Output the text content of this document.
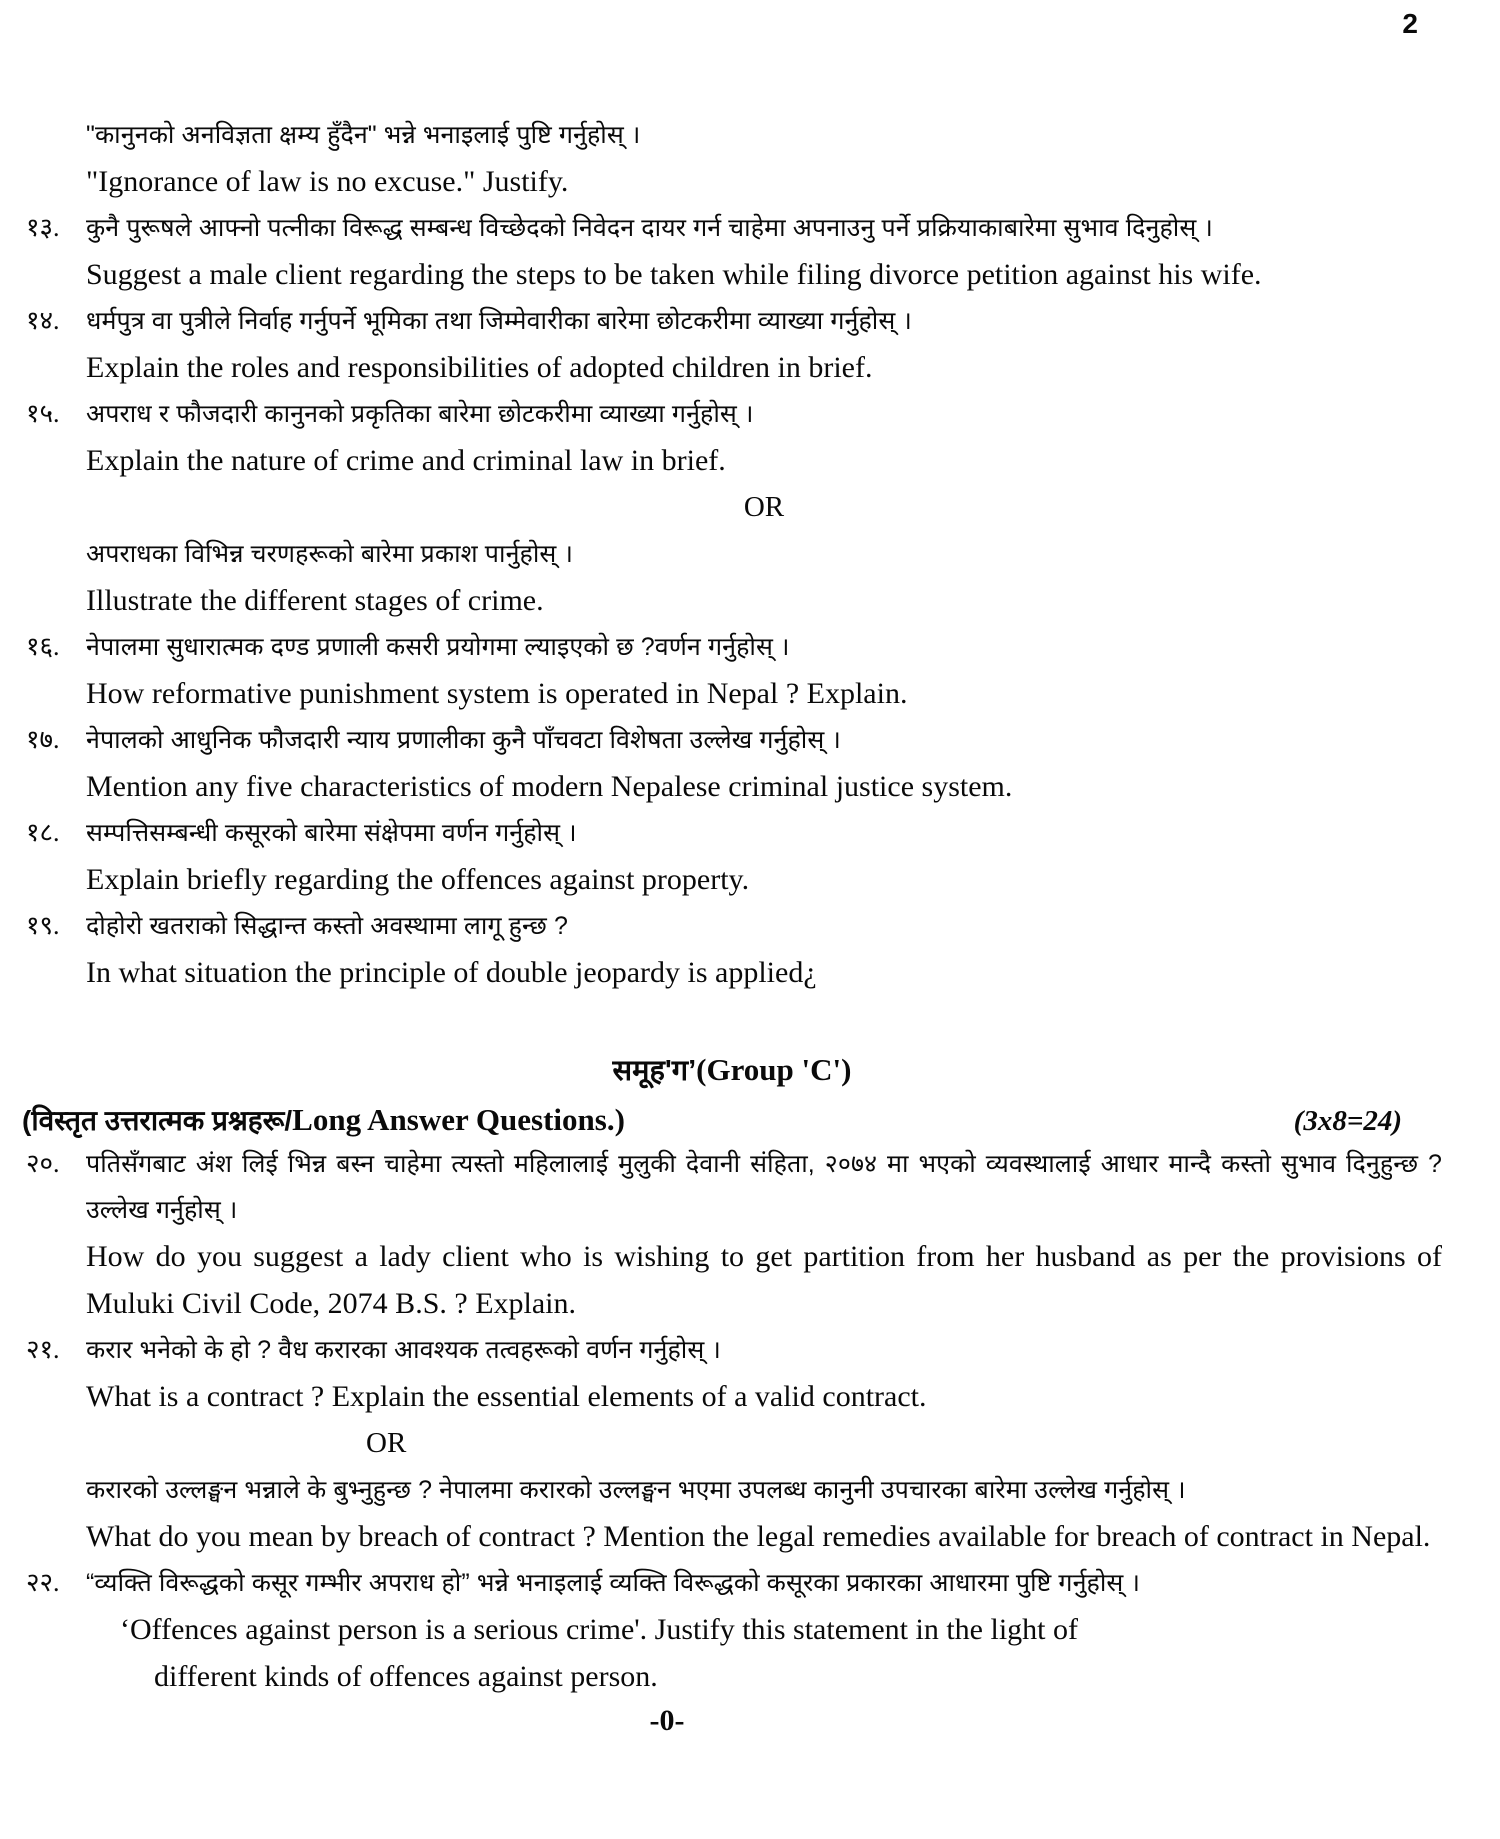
2
"कानुनको अनविज्ञता क्षम्य हुँदैन" भन्ने भनाइलाई पुष्टि गर्नुहोस् ।
"Ignorance of law is no excuse." Justify.
१३.	कुनै पुरूषले आफ्नो पत्नीका विरूद्ध सम्बन्ध विच्छेदको निवेदन दायर गर्न चाहेमा अपनाउनु पर्ने प्रक्रियाकाबारेमा सुभाव दिनुहोस् ।
Suggest a male client regarding the steps to be taken while filing divorce petition against his wife.
१४.	धर्मपुत्र वा पुत्रीले निर्वाह गर्नुपर्ने भूमिका तथा जिम्मेवारीका बारेमा छोटकरीमा व्याख्या गर्नुहोस् ।
Explain the roles and responsibilities of adopted children in brief.
१५.	अपराध र फौजदारी कानुनको प्रकृतिका बारेमा छोटकरीमा व्याख्या गर्नुहोस् ।
Explain the nature of crime and criminal law in brief.
OR
अपराधका विभिन्न चरणहरूको बारेमा प्रकाश पार्नुहोस् ।
Illustrate the different stages of crime.
१६.	नेपालमा सुधारात्मक दण्ड प्रणाली कसरी प्रयोगमा ल्याइएको छ ?वर्णन गर्नुहोस् ।
How reformative punishment system is operated in Nepal ? Explain.
१७.	नेपालको आधुनिक फौजदारी न्याय प्रणालीका कुनै पाँचवटा विशेषता उल्लेख गर्नुहोस् ।
Mention any five characteristics of modern Nepalese criminal justice system.
१८.	सम्पत्तिसम्बन्धी कसूरको बारेमा संक्षेपमा वर्णन गर्नुहोस् ।
Explain briefly regarding the offences against property.
१९.	दोहोरो खतराको सिद्धान्त कस्तो अवस्थामा लागू हुन्छ ?
In what situation the principle of double jeopardy is applied¿
समूह'ग’(Group 'C')
(विस्तृत उत्तरात्मक प्रश्नहरू/Long Answer Questions.)	(3x8=24)
२०.	पतिसँगबाट अंश लिई भिन्न बस्न चाहेमा त्यस्तो महिलालाई मुलुकी देवानी संहिता, २०७४ मा भएको व्यवस्थालाई आधार मान्दै कस्तो सुभाव दिनुहुन्छ ? उल्लेख गर्नुहोस् ।
How do you suggest a lady client who is wishing to get partition from her husband as per the provisions of Muluki Civil Code, 2074 B.S. ? Explain.
२१.	करार भनेको के हो ? वैध करारका आवश्यक तत्वहरूको वर्णन गर्नुहोस् ।
What is a contract ? Explain the essential elements of a valid contract.
OR
करारको उल्लङ्घन भन्नाले के बुभ्नुहुन्छ ? नेपालमा करारको उल्लङ्घन भएमा उपलब्ध कानुनी उपचारका बारेमा उल्लेख गर्नुहोस् ।
What do you mean by breach of contract ? Mention the legal remedies available for breach of contract in Nepal.
२२.	“व्यक्ति विरूद्धको कसूर गम्भीर अपराध हो” भन्ने भनाइलाई व्यक्ति विरूद्धको कसूरका प्रकारका आधारमा पुष्टि गर्नुहोस् ।
‘Offences against person is a serious crime'. Justify this statement in the light of
different kinds of offences against person.
-0-
